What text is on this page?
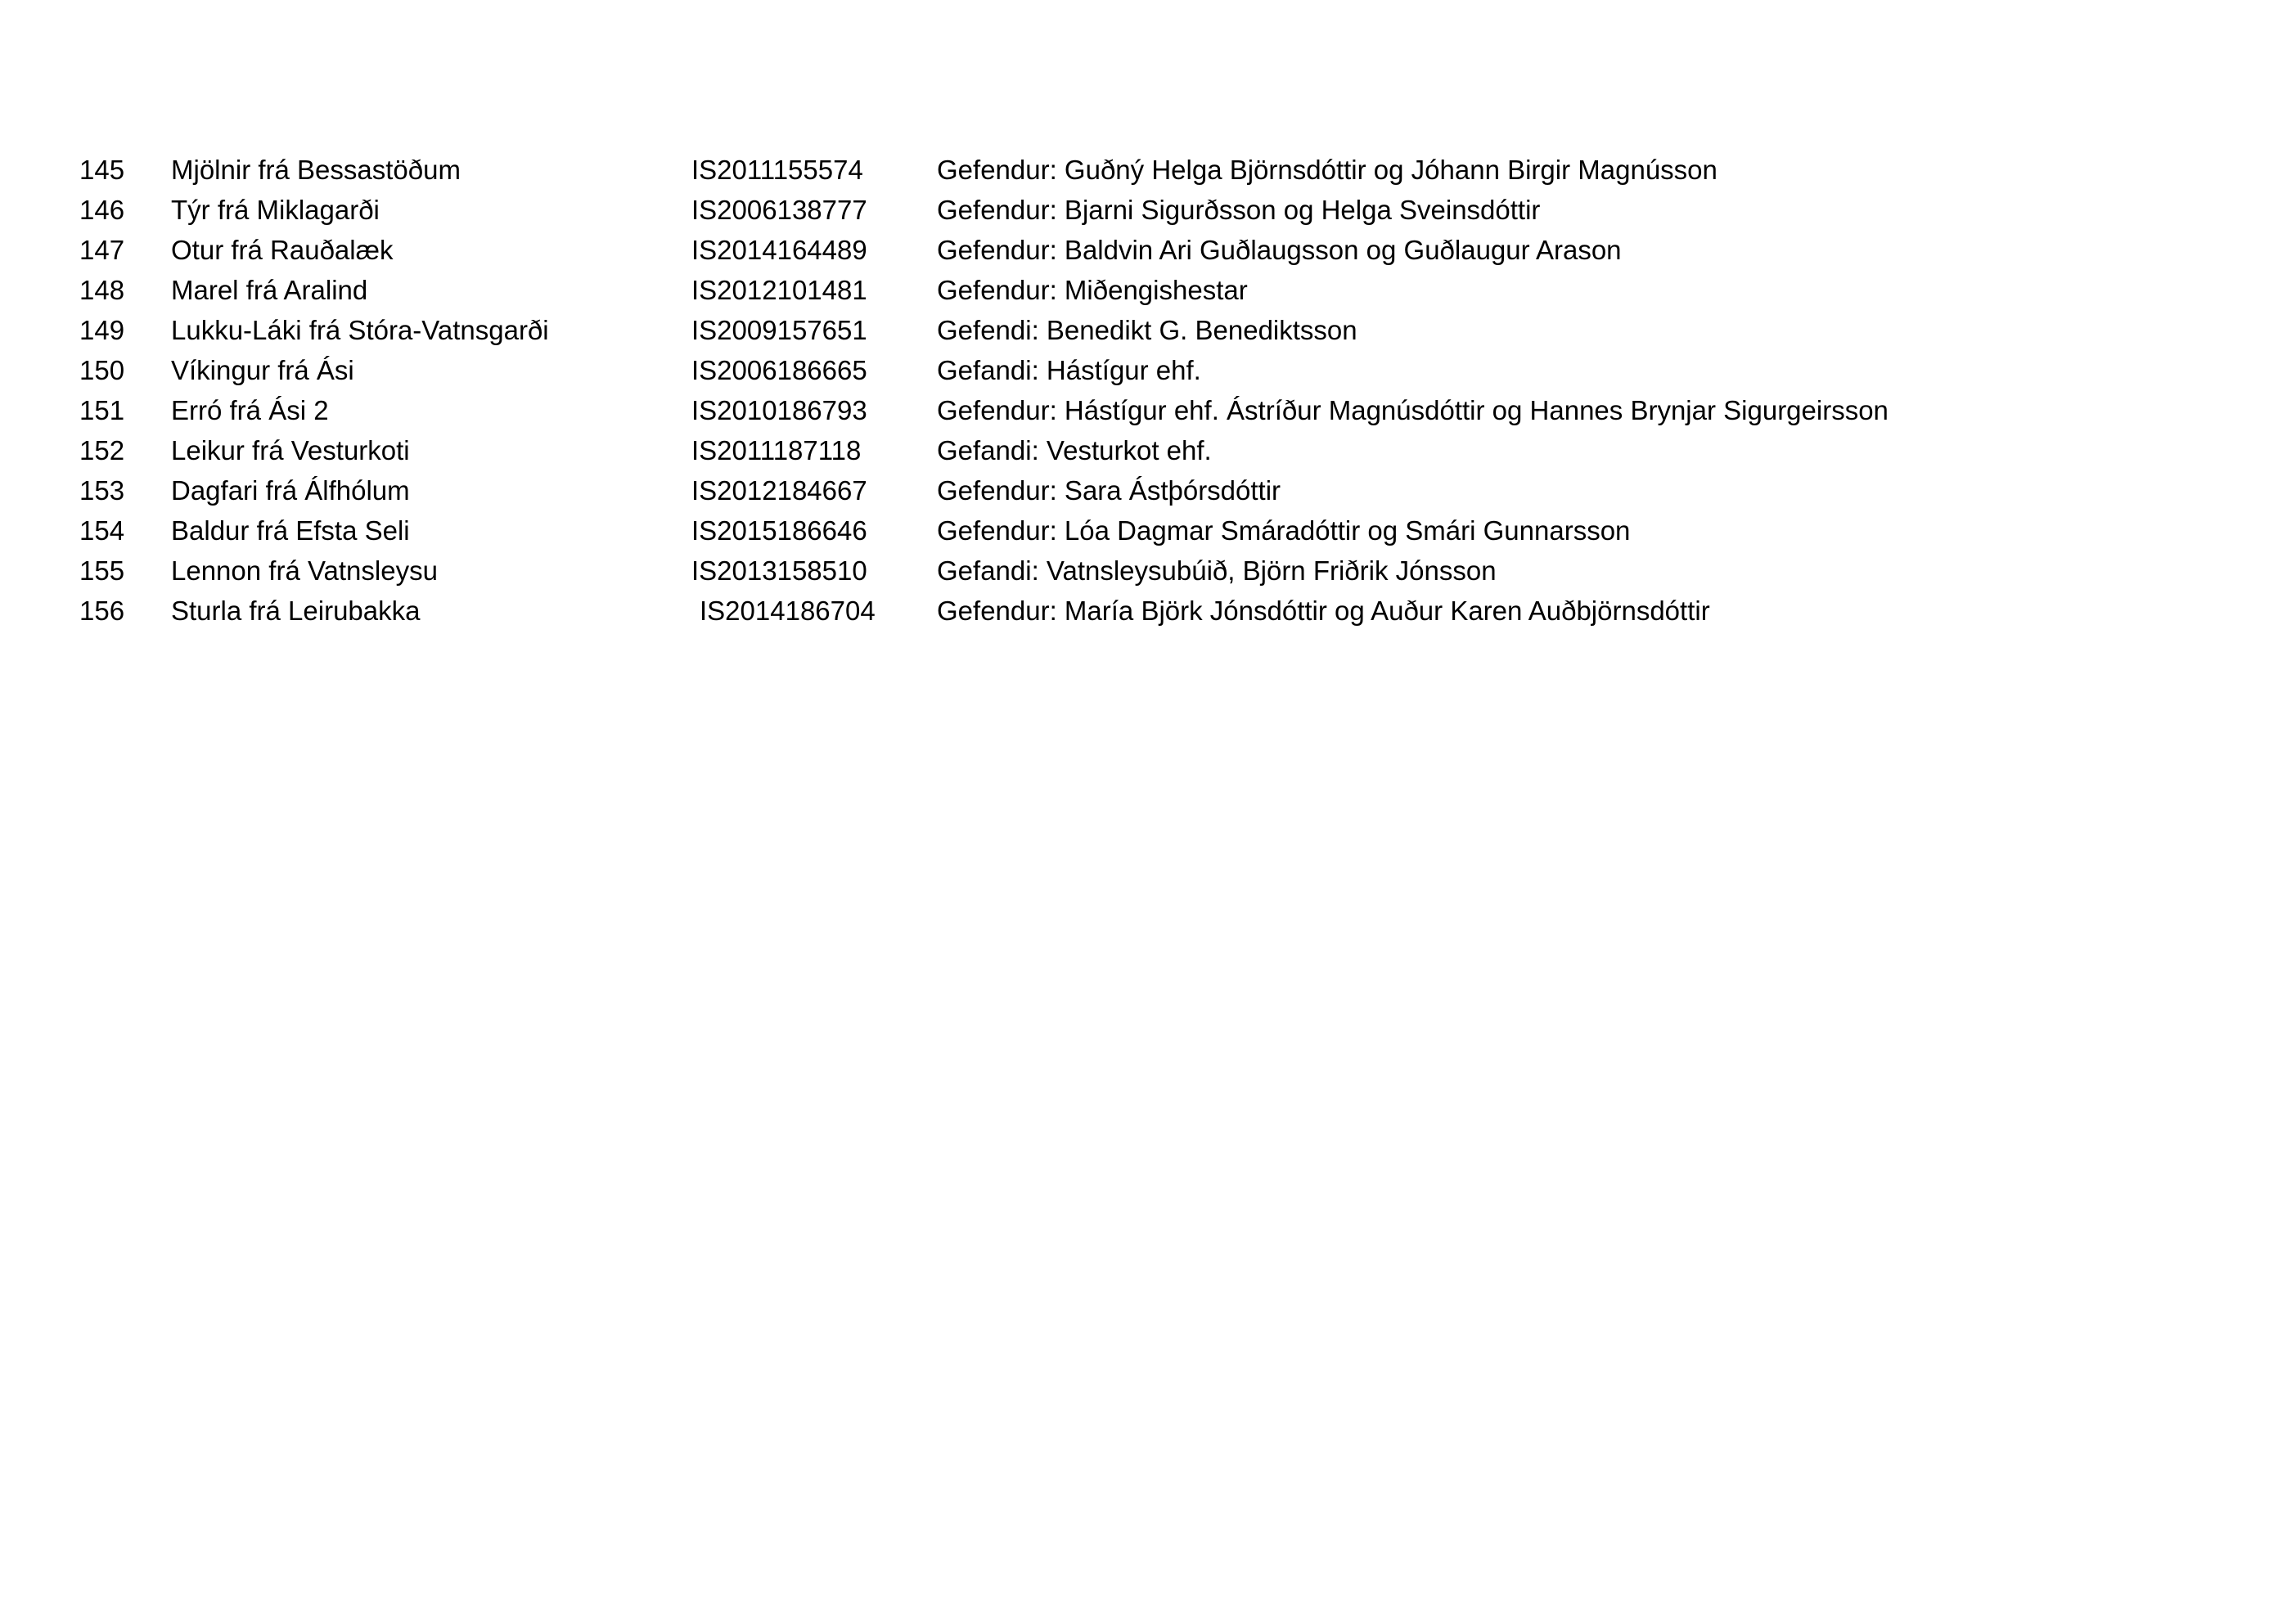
145 Mjölnir frá Bessastöðum	IS2011155574	Gefendur: Guðný Helga Björnsdóttir og Jóhann Birgir Magnússon
146 Týr frá Miklagarði	IS2006138777	Gefendur: Bjarni Sigurðsson og Helga Sveinsdóttir
147 Otur frá Rauðalæk	IS2014164489	Gefendur: Baldvin Ari Guðlaugsson og Guðlaugur Arason
148 Marel frá Aralind	IS2012101481	Gefendur: Miðengishestar
149 Lukku-Láki frá Stóra-Vatnsgarði	IS2009157651	Gefendi: Benedikt G. Benediktsson
150 Víkingur frá Ási	IS2006186665	Gefandi: Hástígur ehf.
151 Erró frá Ási 2	IS2010186793	Gefendur: Hástígur ehf. Ástríður Magnúsdóttir og Hannes Brynjar Sigurgeirsson
152 Leikur frá Vesturkoti	IS2011187118	Gefandi: Vesturkot ehf.
153 Dagfari frá Álfhólum	IS2012184667	Gefendur: Sara Ástþórsdóttir
154 Baldur frá Efsta Seli	IS2015186646	Gefendur: Lóa Dagmar Smáradóttir og Smári Gunnarsson
155 Lennon frá Vatnsleysu	IS2013158510	Gefandi: Vatnsleysubúið, Björn Friðrik Jónsson
156 Sturla frá Leirubakka	IS2014186704 Gefendur: María Björk Jónsdóttir og Auður Karen Auðbjörnsdóttir
